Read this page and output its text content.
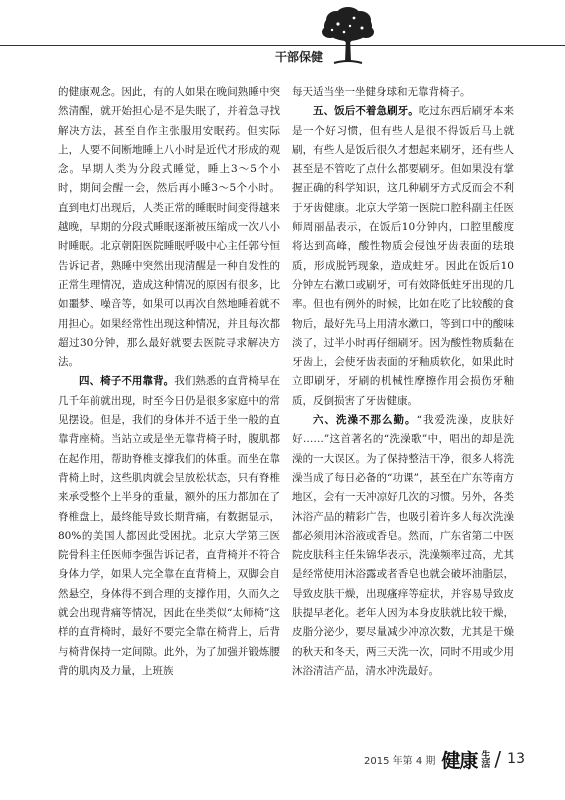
干部保健

的健康观念。因此，有的人如果在晚间熟睡中突然清醒，就开始担心是不是失眠了，并着急寻找解决方法，甚至自作主张服用安眠药。但实际上，人要不间断地睡上八小时是近代才形成的观念。早期人类为分段式睡觉，睡上3～5个小时，期间会醒一会，然后再小睡3～5个小时。直到电灯出现后，人类正常的睡眠时间变得越来越晚，早期的分段式睡眠逐渐被压缩成一次八小时睡眠。北京朝阳医院睡眠呼吸中心主任郭兮恒告诉记者，熟睡中突然出现清醒是一种自发性的正常生理情况，造成这种情况的原因有很多，比如噩梦、噪音等，如果可以再次自然地睡着就不用担心。如果经常性出现这种情况，并且每次都超过30分钟，那么最好就要去医院寻求解决方法。

四、椅子不用靠背。我们熟悉的直背椅早在几千年前就出现，时至今日仍是很多家庭中的常见摆设。但是，我们的身体并不适于坐一般的直靠背座椅。当站立或是坐无靠背椅子时，腹肌都在起作用，帮助脊椎支撑我们的体重。而坐在靠背椅上时，这些肌肉就会呈放松状态，只有脊椎来承受整个上半身的重量，额外的压力都加在了脊椎盘上，最终能导致长期背痛，有数据显示，80%的美国人都因此受困扰。北京大学第三医院骨科主任医师李强告诉记者，直背椅并不符合身体力学，如果人完全靠在直背椅上，双脚会自然悬空，身体得不到合理的支撑作用，久而久之就会出现背痛等情况，因此在坐类似“太师椅”这样的直背椅时，最好不要完全靠在椅背上，后背与椅背保持一定间隙。此外，为了加强并锻炼腰背的肌肉及力量，上班族

每天适当坐一坐健身球和无靠背椅子。

五、饭后不着急刷牙。吃过东西后刷牙本来是一个好习惯，但有些人是很不得饭后马上就刷，有些人是饭后很久才想起来刷牙，还有些人甚至是不管吃了点什么都要刷牙。但如果没有掌握正确的科学知识，这几种刷牙方式反而会不利于牙齿健康。北京大学第一医院口腔科副主任医师周丽晶表示，在饭后10分钟内，口腔里酸度将达到高峰，酸性物质会侵蚀牙齿表面的珐琅质，形成脱钙现象，造成蛀牙。因此在饭后10分钟左右漱口或刷牙，可有效降低蛀牙出现的几率。但也有例外的时候，比如在吃了比较酸的食物后，最好先马上用清水漱口，等到口中的酸味淡了，过半小时再仔细刷牙。因为酸性物质黏在牙齿上，会使牙齿表面的牙釉质软化，如果此时立即刷牙，牙刷的机械性摩擦作用会损伤牙釉质，反倒损害了牙齿健康。

六、洗澡不那么勤。“我爱洗澡，皮肤好好……”这首著名的“洗澡歌”中，唱出的却是洗澡的一大误区。为了保持整洁干净，很多人将洗澡当成了每日必备的“功课”，甚至在广东等南方地区，会有一天冲凉好几次的习惯。另外，各类沐浴产品的精彩广告，也吸引着许多人每次洗澡都必须用沐浴液或香皂。然而，广东省第二中医院皮肤科主任朱锦华表示，洗澡频率过高，尤其是经常使用沐浴露或者香皂也就会破坏油脂层，导致皮肤干燥，出现瘙痒等症状，并容易导致皮肤提早老化。老年人因为本身皮肤就比较干燥，皮脂分泌少，要尽量减少冲凉次数，尤其是干燥的秋天和冬天，两三天洗一次，同时不用或少用沐浴清洁产品，清水冲洗最好。

2015 年第 4 期 健康 生活 / 13
